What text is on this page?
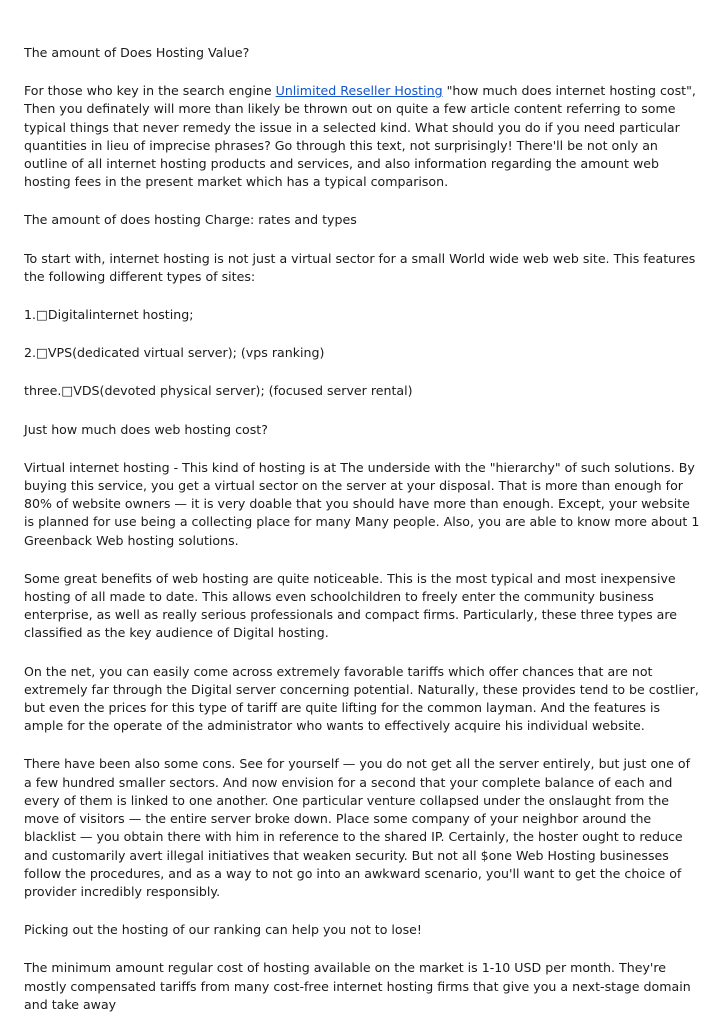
The amount of Does Hosting Value?

For those who key in the search engine Unlimited Reseller Hosting "how much does internet hosting cost", Then you definately will more than likely be thrown out on quite a few article content referring to some typical things that never remedy the issue in a selected kind. What should you do if you need particular quantities in lieu of imprecise phrases? Go through this text, not surprisingly! There'll be not only an outline of all internet hosting products and services, and also information regarding the amount web hosting fees in the present market which has a typical comparison.

The amount of does hosting Charge: rates and types

To start with, internet hosting is not just a virtual sector for a small World wide web web site. This features the following different types of sites:

1.□Digitalinternet hosting;

2.□VPS(dedicated virtual server); (vps ranking)

three.□VDS(devoted physical server); (focused server rental)

Just how much does web hosting cost?

Virtual internet hosting - This kind of hosting is at The underside with the "hierarchy" of such solutions. By buying this service, you get a virtual sector on the server at your disposal. That is more than enough for 80% of website owners — it is very doable that you should have more than enough. Except, your website is planned for use being a collecting place for many Many people. Also, you are able to know more about 1 Greenback Web hosting solutions.

Some great benefits of web hosting are quite noticeable. This is the most typical and most inexpensive hosting of all made to date. This allows even schoolchildren to freely enter the community business enterprise, as well as really serious professionals and compact firms. Particularly, these three types are classified as the key audience of Digital hosting.

On the net, you can easily come across extremely favorable tariffs which offer chances that are not extremely far through the Digital server concerning potential. Naturally, these provides tend to be costlier, but even the prices for this type of tariff are quite lifting for the common layman. And the features is ample for the operate of the administrator who wants to effectively acquire his individual website.

There have been also some cons. See for yourself — you do not get all the server entirely, but just one of a few hundred smaller sectors. And now envision for a second that your complete balance of each and every of them is linked to one another. One particular venture collapsed under the onslaught from the move of visitors — the entire server broke down. Place some company of your neighbor around the blacklist — you obtain there with him in reference to the shared IP. Certainly, the hoster ought to reduce and customarily avert illegal initiatives that weaken security. But not all $one Web Hosting businesses follow the procedures, and as a way to not go into an awkward scenario, you'll want to get the choice of provider incredibly responsibly.

Picking out the hosting of our ranking can help you not to lose!

The minimum amount regular cost of hosting available on the market is 1-10 USD per month. They're mostly compensated tariffs from many cost-free internet hosting firms that give you a next-stage domain and take away
